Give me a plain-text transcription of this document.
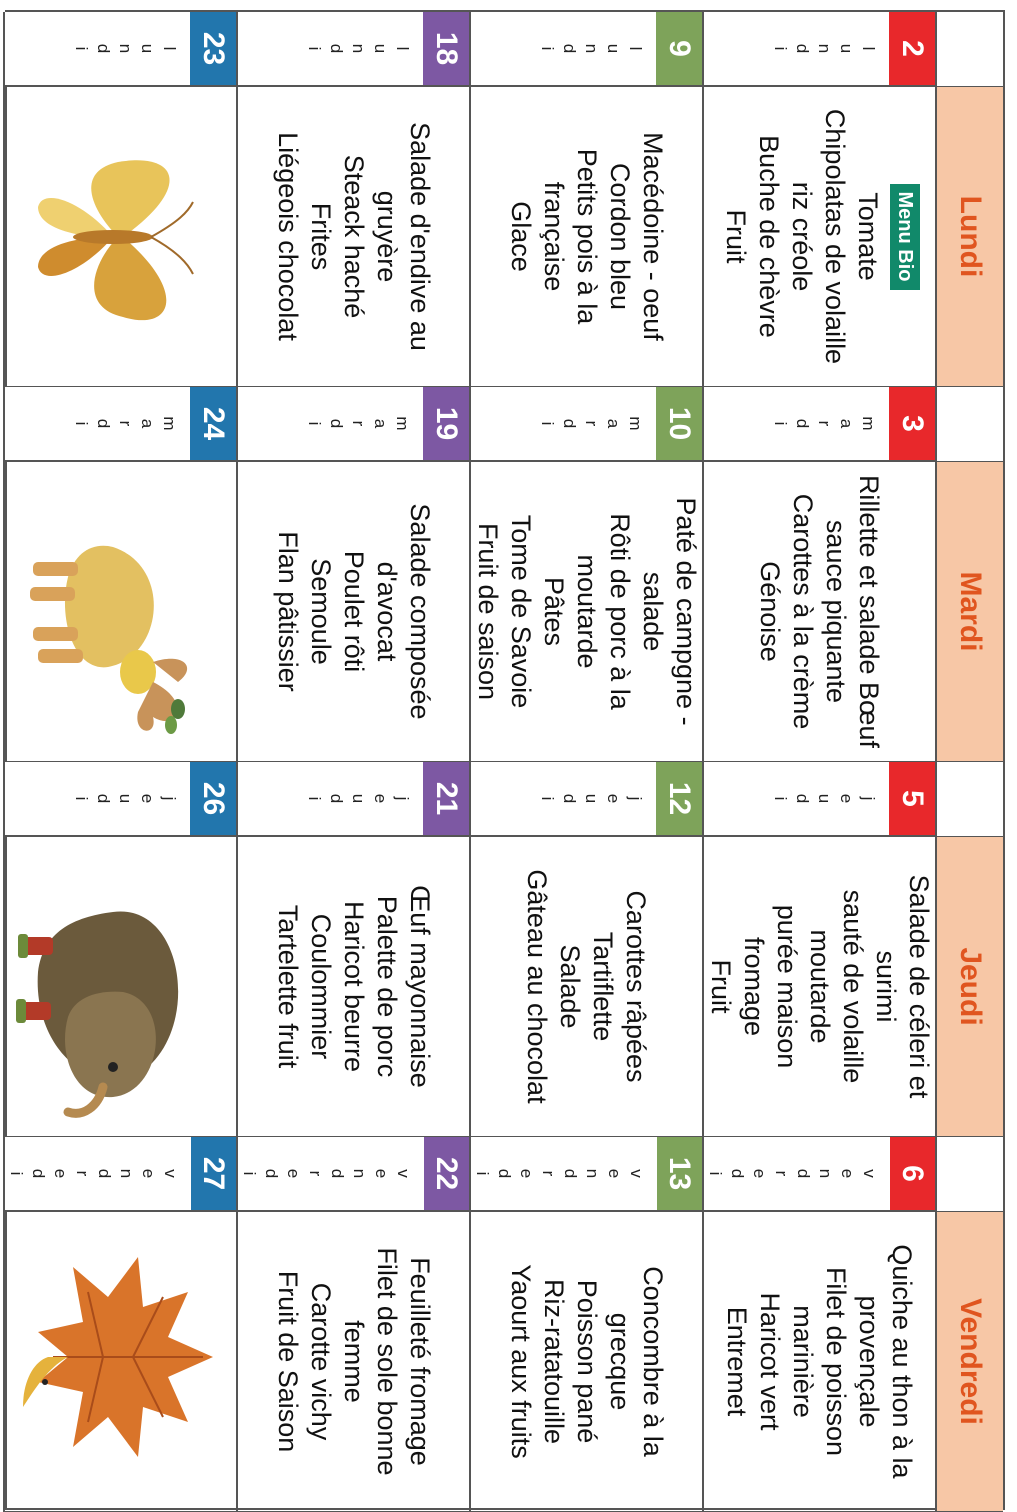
Lundi
Mardi
Jeudi
Vendredi
2
l
u
n
d
i
Menu Bio
Tomate
Chipolatas de volaille
riz créole
Buche de chèvre
Fruit
3
m
a
r
d
i
Rillette et salade Bœuf
sauce piquante
Carottes à la crème
Génoise
5
j
e
u
d
i
Salade de céleri et
surimi
sauté de volaille
moutarde
purée maison
fromage
Fruit
6
v
e
n
d
r
e
d
i
Quiche au thon à la
provençale
Filet de poisson
marinière
Haricot vert
Entremet
9
l
u
n
d
i
Macédoine - oeuf
Cordon bleu
Petits pois à la
française
Glace
10
m
a
r
d
i
Paté de campgne -
salade
Rôti de porc à la
moutarde
Pâtes
Tome de Savoie
Fruit de saison
12
j
e
u
d
i
Carottes râpées
Tartiflette
Salade
Gâteau au chocolat
13
v
e
n
d
r
e
d
i
Concombre à la
grecque
Poisson pané
Riz-ratatouille
Yaourt aux fruits
18
l
u
n
d
i
Salade d'endive au
gruyère
Steack haché
Frites
Liégeois chocolat
19
m
a
r
d
i
Salade composée
d'avocat
Poulet rôti
Semoule
Flan pâtissier
21
j
e
u
d
i
Œuf mayonnaise
Palette de porc
Haricot beurre
Coulommier
Tartelette fruit
22
v
e
n
d
r
e
d
i
Feuilleté fromage
Filet de sole bonne
femme
Carotte vichy
Fruit de Saison
23
l
u
n
d
i
24
m
a
r
d
i
26
j
e
u
d
i
27
v
e
n
d
r
e
d
i
